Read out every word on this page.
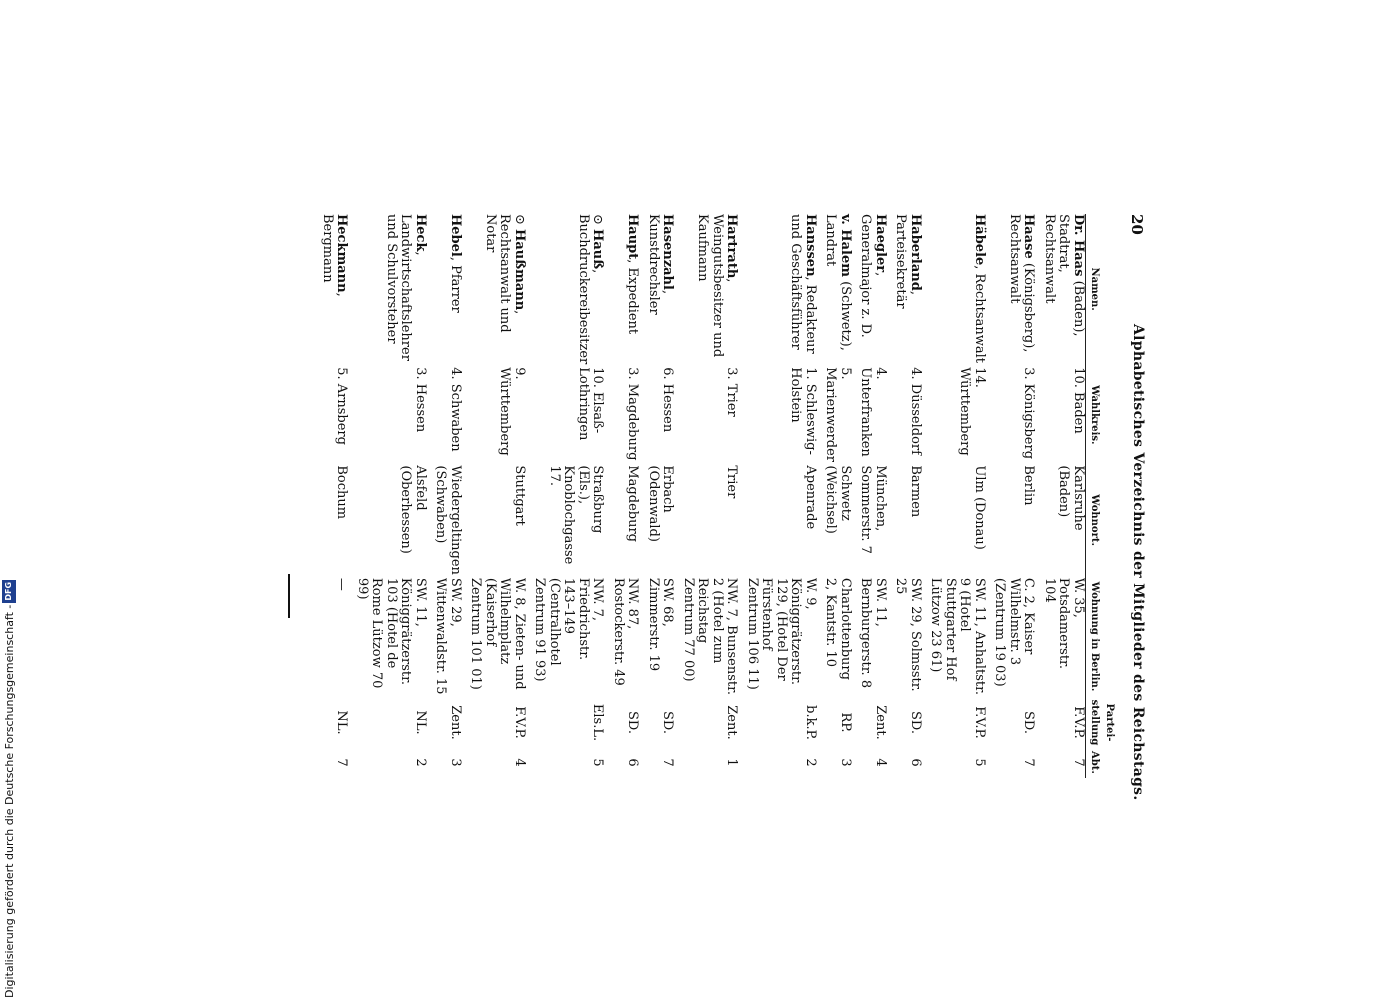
20
Alphabetisches Verzeichnis der Mitglieder des Reichstags.
Namen.	Wahlkreis.	Wohnort.	Wohnung in Berlin.	Partei-stellung	Abt.
Dr. Haas (Baden), Stadtrat, Rechtsanwalt	10. Baden	Karlsruhe (Baden)	W. 35, Potsdamerstr. 104	F.V.P.	7
Haase (Königsberg), Rechtsanwalt	3. Königsberg	Berlin	C. 2, Kaiser Wilhelmstr. 3 (Zentrum 19 03)	SD.	7
Häbele, Rechtsanwalt	14. Württemberg	Ulm (Donau)	SW. 11, Anhaltstr. 9 (Hotel Stuttgarter Hof Lützow 23 61)	F.V.P.	5
Haberland, Parteisekretär	4. Düsseldorf	Barmen	SW. 29, Solmsstr. 25	SD.	6
Haegler, Generalmajor z. D.	4. Unterfranken	München, Sommerstr. 7	SW. 11, Bernburgerstr. 8	Zent.	4
v. Halem (Schwetz), Landrat	5. Marienwerder	Schwetz (Weichsel)	Charlottenburg 2, Kantstr. 10	RP.	3
Hanssen, Redakteur und Geschäftsführer	1. Schleswig-Holstein	Apenrade	W. 9, Königgrätzerstr. 129, (Hotel Der Fürstenhof Zentrum 106 11)	b.k.P.	2
Hartrath, Weingutsbesitzer und Kaufmann	3. Trier	Trier	NW. 7, Bunsenstr. 2 (Hotel zum Reichstag Zentrum 77 00)	Zent.	1
Hasenzahl, Kunstdrechsler	6. Hessen	Erbach (Odenwald)	SW. 68, Zimmerstr. 19	SD.	7
Haupt, Expedient	3. Magdeburg	Magdeburg	NW. 87, Rostockerstr. 49	SD.	6
⊙ Hauß, Buchdruckereibesitzer	10. Elsaß-Lothringen	Straßburg (Els.), Knoblochgasse 17.	NW. 7, Friedrichstr. 143–149 (Centralhotel Zentrum 91 93)	Els.L.	5
⊙ Haußmann, Rechtsanwalt und Notar	9. Württemberg	Stuttgart	W. 8, Zieten- und Wilhelmplatz (Kaiserhof Zentrum 101 01)	F.V.P.	4
Hebel, Pfarrer	4. Schwaben	Wiedergeltingen (Schwaben)	SW. 29, Wittenwaldstr. 15	Zent.	3
Heck, Landwirtschaftslehrer und Schulvorsteher	3. Hessen	Alsfeld (Oberhessen)	SW. 11, Königgrätzerstr. 103 (Hotel de Rome Lützow 70 99)	NL.	2
Heckmann, Bergmann	5. Arnsberg	Bochum	—	NL.	7
Digitalisierung gefördert durch die Deutsche Forschungsgemeinschaft -
DFG
